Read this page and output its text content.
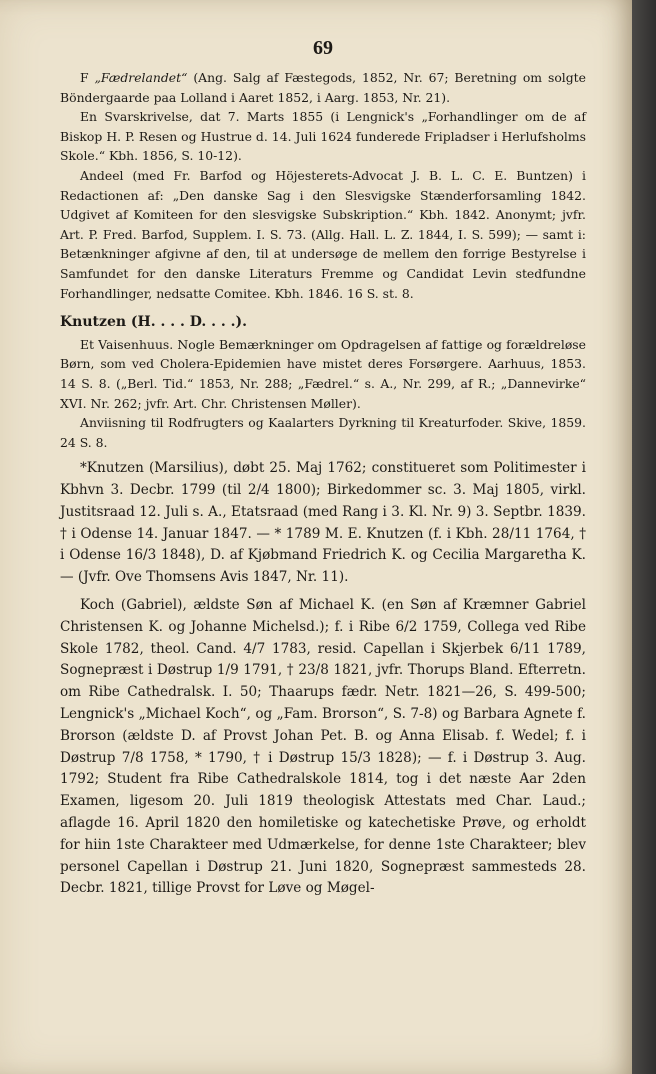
69

F „Fædrelandet“ (Ang. Salg af Fæstegods, 1852, Nr. 67; Beretning om solgte Böndergaarde paa Lolland i Aaret 1852, i Aarg. 1853, Nr. 21).

En Svarskrivelse, dat 7. Marts 1855 (i Lengnick's „Forhandlinger om de af Biskop H. P. Resen og Hustrue d. 14. Juli 1624 funderede Fripladser i Herlufsholms Skole.“ Kbh. 1856, S. 10-12).

Andeel (med Fr. Barfod og Höjesterets-Advocat J. B. L. C. E. Buntzen) i Redactionen af: „Den danske Sag i den Slesvigske Stænderforsamling 1842. Udgivet af Komiteen for den slesvigske Subskription.“ Kbh. 1842. Anonymt; jvfr. Art. P. Fred. Barfod, Supplem. I. S. 73. (Allg. Hall. L. Z. 1844, I. S. 599); — samt i: Betænkninger afgivne af den, til at undersøge de mellem den forrige Bestyrelse i Samfundet for den danske Literaturs Fremme og Candidat Levin stedfundne Forhandlinger, nedsatte Comitee. Kbh. 1846. 16 S. st. 8.

Knutzen (H. . . . D. . . .).

Et Vaisenhuus. Nogle Bemærkninger om Opdragelsen af fattige og forældreløse Børn, som ved Cholera-Epidemien have mistet deres Forsørgere. Aarhuus, 1853. 14 S. 8. („Berl. Tid.“ 1853, Nr. 288; „Fædrel.“ s. A., Nr. 299, af R.; „Dannevirke“ XVI. Nr. 262; jvfr. Art. Chr. Christensen Møller).

Anviisning til Rodfrugters og Kaalarters Dyrkning til Kreaturfoder. Skive, 1859. 24 S. 8.

*Knutzen (Marsilius), døbt 25. Maj 1762; constitueret som Politimester i Kbhvn 3. Decbr. 1799 (til 2/4 1800); Birkedommer sc. 3. Maj 1805, virkl. Justitsraad 12. Juli s. A., Etatsraad (med Rang i 3. Kl. Nr. 9) 3. Septbr. 1839. † i Odense 14. Januar 1847. — * 1789 M. E. Knutzen (f. i Kbh. 28/11 1764, † i Odense 16/3 1848), D. af Kjøbmand Friedrich K. og Cecilia Margaretha K. — (Jvfr. Ove Thomsens Avis 1847, Nr. 11).

Koch (Gabriel), ældste Søn af Michael K. (en Søn af Kræmner Gabriel Christensen K. og Johanne Michelsd.); f. i Ribe 6/2 1759, Collega ved Ribe Skole 1782, theol. Cand. 4/7 1783, resid. Capellan i Skjerbek 6/11 1789, Sognepræst i Døstrup 1/9 1791, † 23/8 1821, jvfr. Thorups Bland. Efterretn. om Ribe Cathedralsk. I. 50; Thaarups fædr. Netr. 1821—26, S. 499-500; Lengnick's „Michael Koch“, og „Fam. Brorson“, S. 7-8) og Barbara Agnete f. Brorson (ældste D. af Provst Johan Pet. B. og Anna Elisab. f. Wedel; f. i Døstrup 7/8 1758, * 1790, † i Døstrup 15/3 1828); — f. i Døstrup 3. Aug. 1792; Student fra Ribe Cathedralskole 1814, tog i det næste Aar 2den Examen, ligesom 20. Juli 1819 theologisk Attestats med Char. Laud.; aflagde 16. April 1820 den homiletiske og katechetiske Prøve, og erholdt for hiin 1ste Charakteer med Udmærkelse, for denne 1ste Charakteer; blev personel Capellan i Døstrup 21. Juni 1820, Sognepræst sammesteds 28. Decbr. 1821, tillige Provst for Løve og Møgel-
